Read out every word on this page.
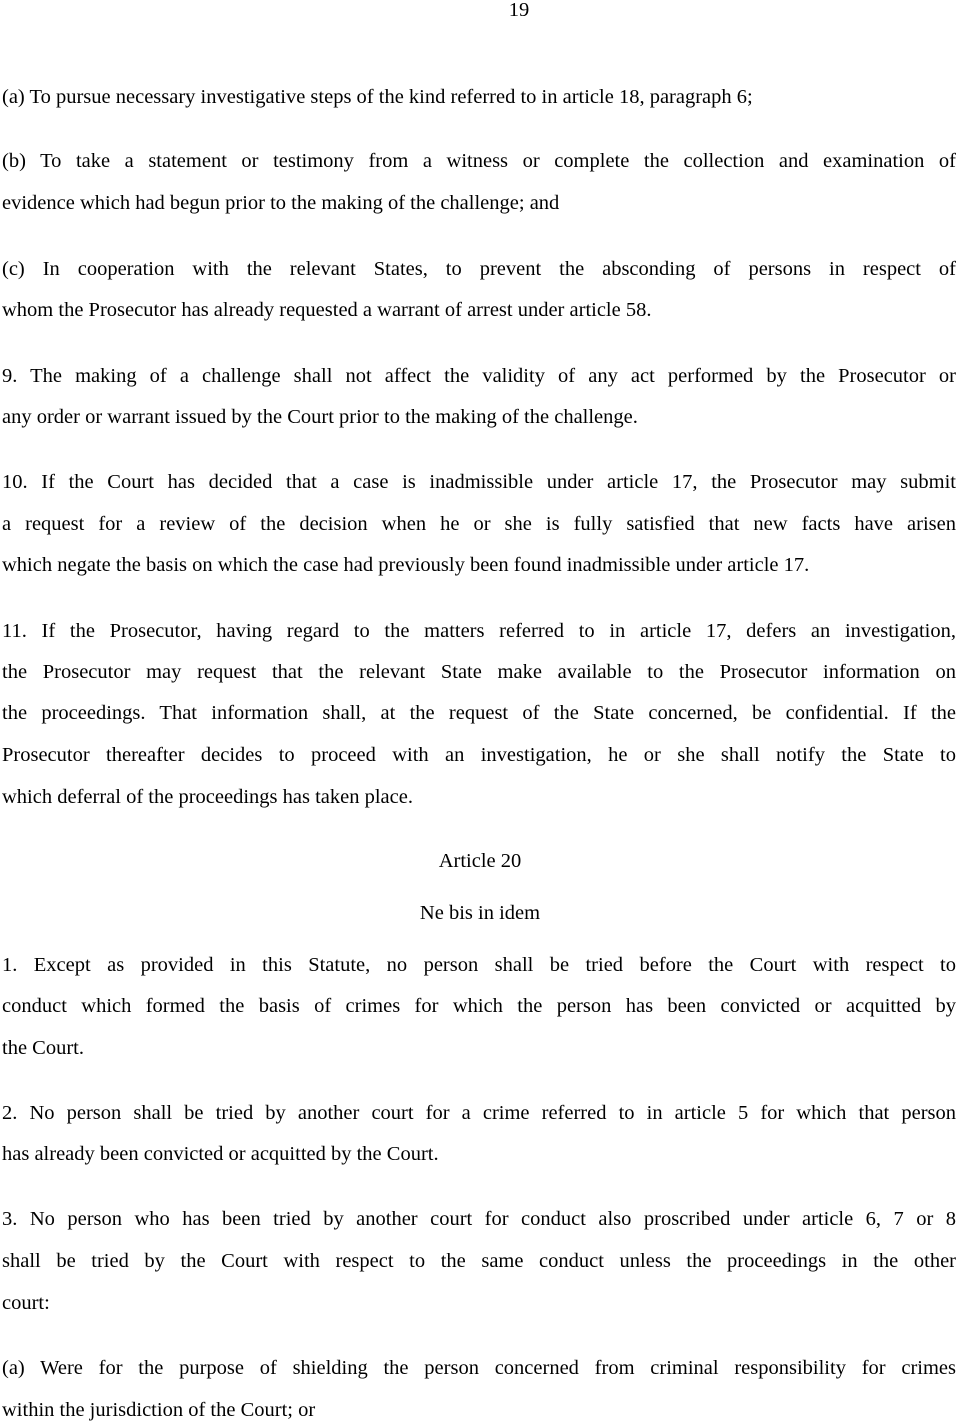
19
(a) To pursue necessary investigative steps of the kind referred to in article 18, paragraph 6;
(b) To take a statement or testimony from a witness or complete the collection and examination of
evidence which had begun prior to the making of the challenge; and
(c) In cooperation with the relevant States, to prevent the absconding of persons in respect of
whom the Prosecutor has already requested a warrant of arrest under article 58.
9. The making of a challenge shall not affect the validity of any act performed by the Prosecutor or
any order or warrant issued by the Court prior to the making of the challenge.
10. If the Court has decided that a case is inadmissible under article 17, the Prosecutor may submit
a request for a review of the decision when he or she is fully satisfied that new facts have arisen
which negate the basis on which the case had previously been found inadmissible under article 17.
11. If the Prosecutor, having regard to the matters referred to in article 17, defers an investigation,
the Prosecutor may request that the relevant State make available to the Prosecutor information on
the proceedings. That information shall, at the request of the State concerned, be confidential. If the
Prosecutor thereafter decides to proceed with an investigation, he or she shall notify the State to
which deferral of the proceedings has taken place.
Article 20
Ne bis in idem
1. Except as provided in this Statute, no person shall be tried before the Court with respect to
conduct which formed the basis of crimes for which the person has been convicted or acquitted by
the Court.
2. No person shall be tried by another court for a crime referred to in article 5 for which that person
has already been convicted or acquitted by the Court.
3. No person who has been tried by another court for conduct also proscribed under article 6, 7 or 8
shall be tried by the Court with respect to the same conduct unless the proceedings in the other
court:
(a) Were for the purpose of shielding the person concerned from criminal responsibility for crimes
within the jurisdiction of the Court; or
